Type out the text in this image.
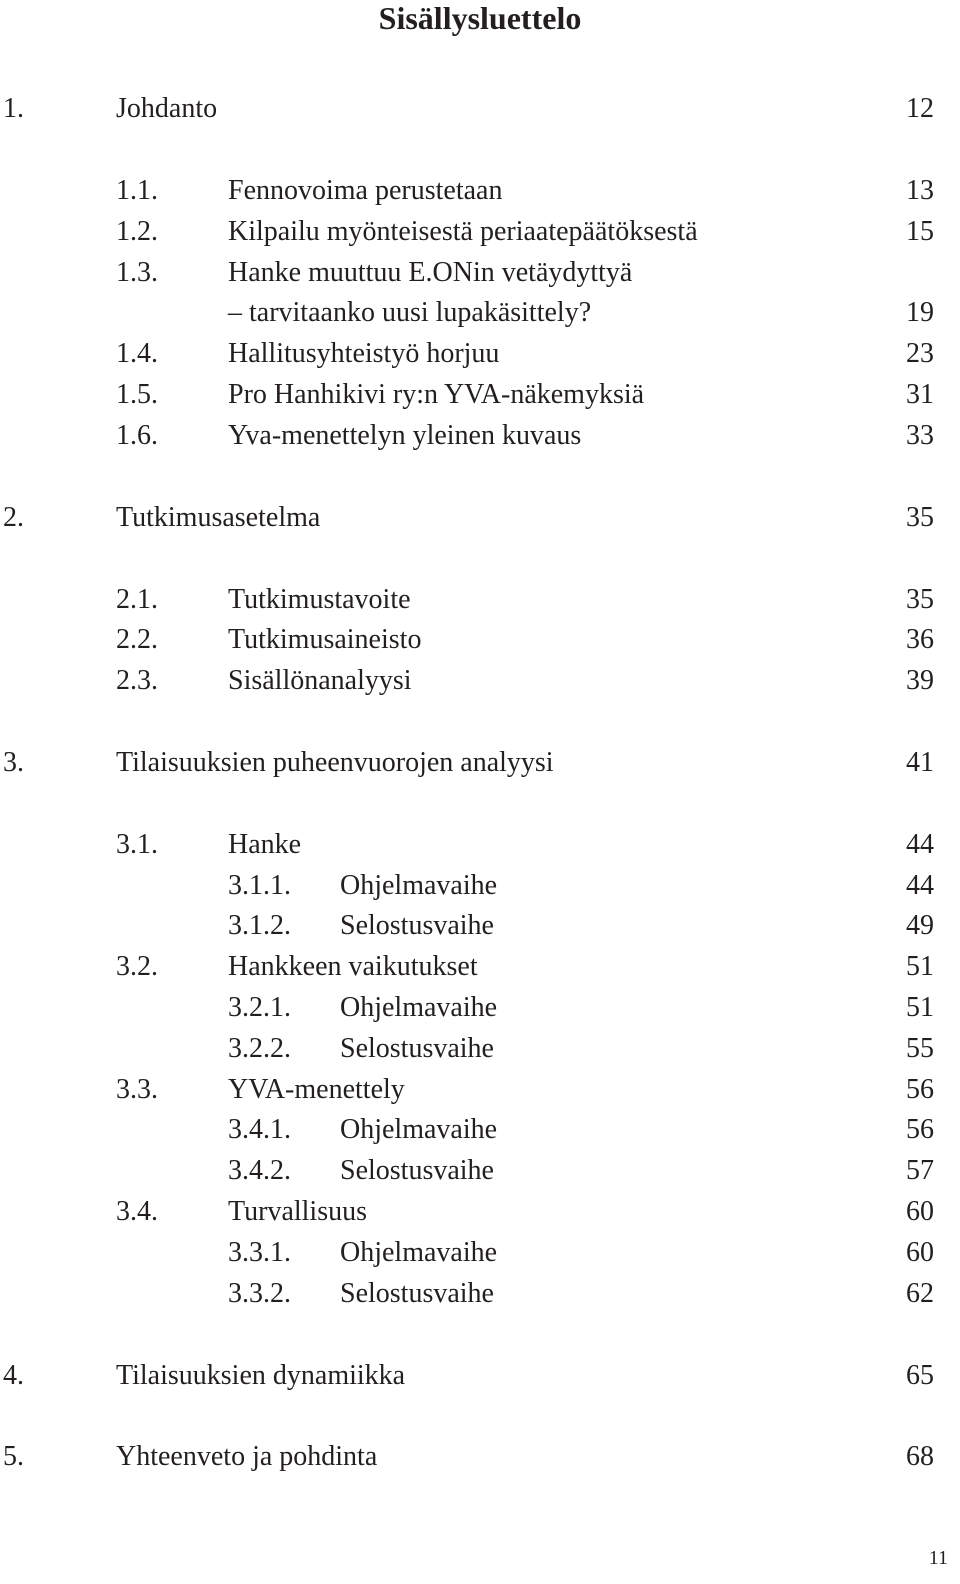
Sisällysluettelo
1.	Johdanto	12
1.1.	Fennovoima perustetaan	13
1.2.	Kilpailu myönteisestä periaatepäätöksestä	15
1.3.	Hanke muuttuu E.ONin vetäydyttyä
– tarvitaanko uusi lupakäsittely?	19
1.4.	Hallitusyhteistyö horjuu	23
1.5.	Pro Hanhikivi ry:n YVA-näkemyksiä	31
1.6.	Yva-menettelyn yleinen kuvaus	33
2.	Tutkimusasetelma	35
2.1.	Tutkimustavoite	35
2.2.	Tutkimusaineisto	36
2.3.	Sisällönanalyysi	39
3.	Tilaisuuksien puheenvuorojen analyysi	41
3.1.	Hanke	44
3.1.1. Ohjelmavaihe	44
3.1.2. Selostusvaihe	49
3.2.	Hankkeen vaikutukset	51
3.2.1. Ohjelmavaihe	51
3.2.2. Selostusvaihe	55
3.3.	YVA-menettely	56
3.4.1. Ohjelmavaihe	56
3.4.2. Selostusvaihe	57
3.4.	Turvallisuus	60
3.3.1. Ohjelmavaihe	60
3.3.2. Selostusvaihe	62
4.	Tilaisuuksien dynamiikka	65
5.	Yhteenveto ja pohdinta	68
11
